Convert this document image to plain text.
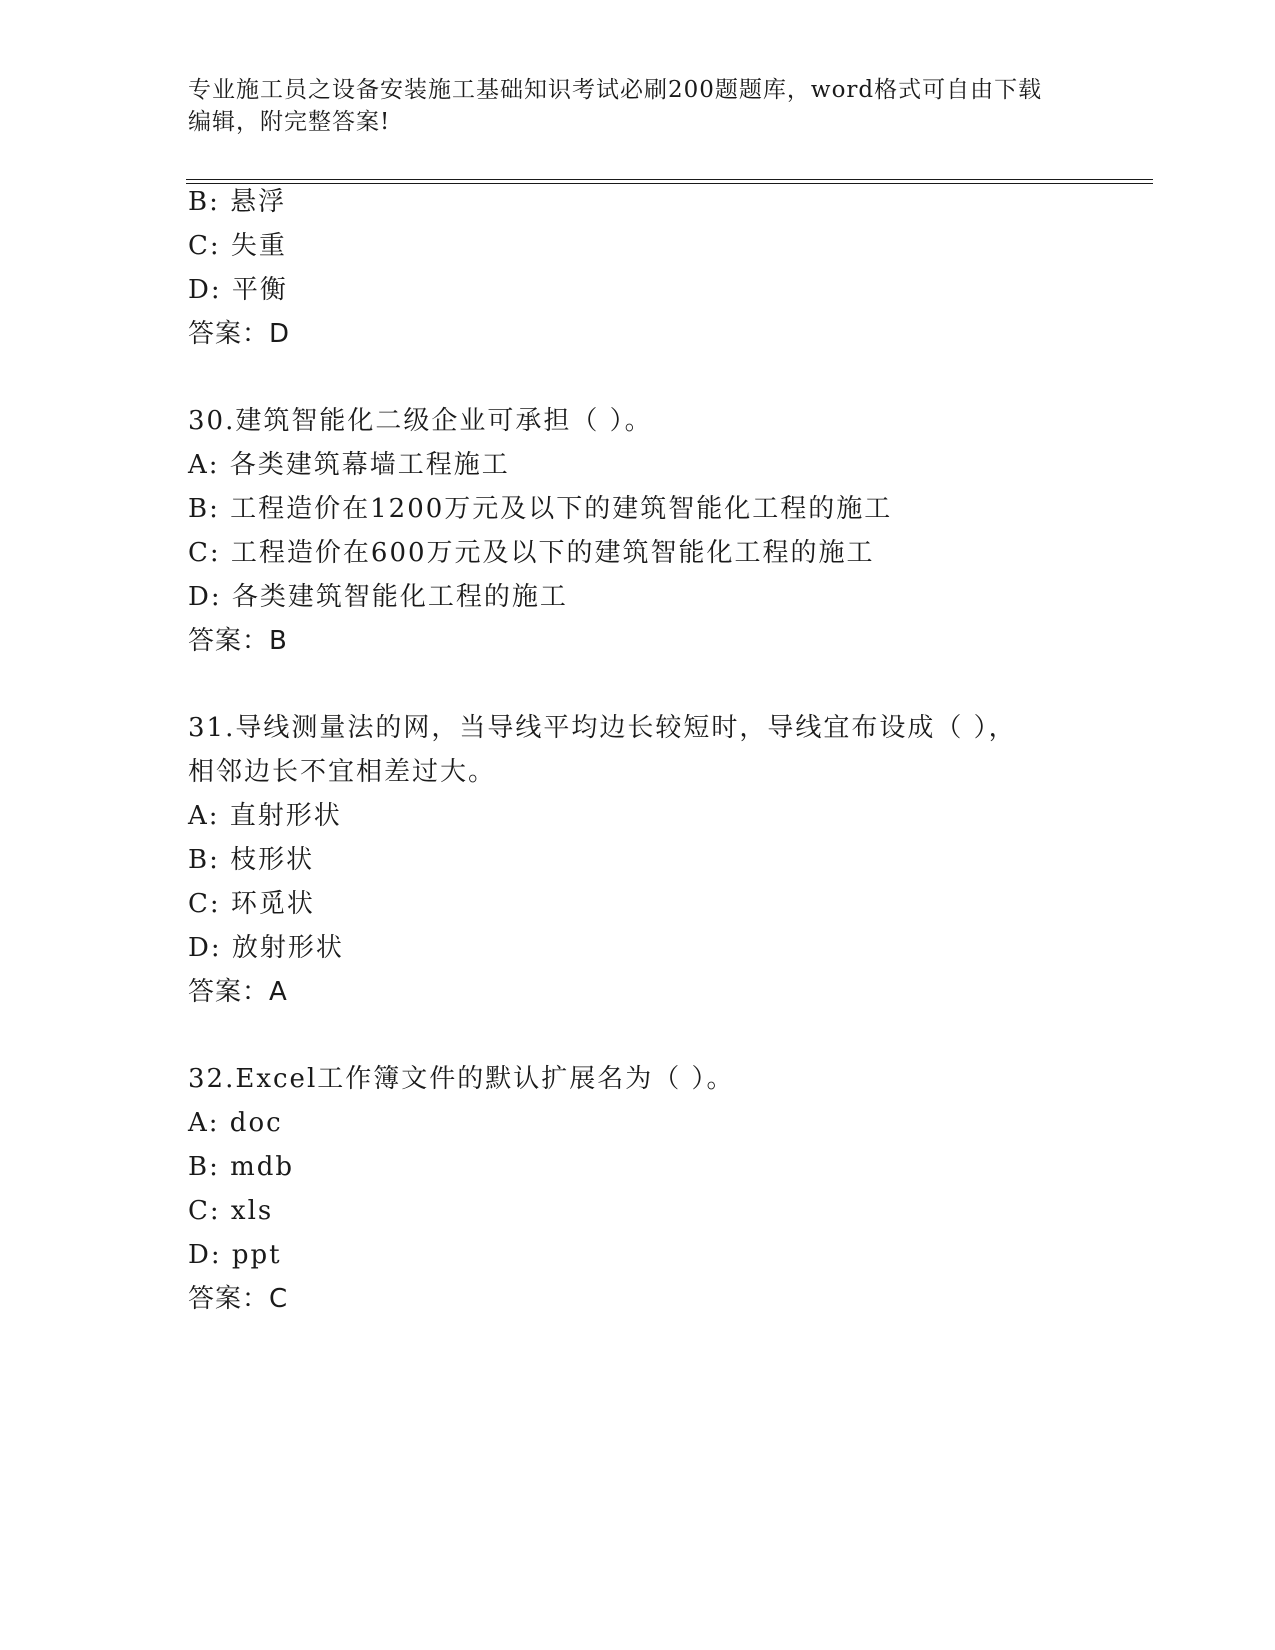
专业施工员之设备安装施工基础知识考试必刷200题题库，word格式可自由下载
编辑，附完整答案!
B: 悬浮
C: 失重
D: 平衡
答案：D
30.建筑智能化二级企业可承担（ ）。
A: 各类建筑幕墙工程施工
B: 工程造价在1200万元及以下的建筑智能化工程的施工
C: 工程造价在600万元及以下的建筑智能化工程的施工
D: 各类建筑智能化工程的施工
答案：B
31.导线测量法的网，当导线平均边长较短时，导线宜布设成（ ），
相邻边长不宜相差过大。
A: 直射形状
B: 枝形状
C: 环觅状
D: 放射形状
答案：A
32.Excel工作簿文件的默认扩展名为（ ）。
A: doc
B: mdb
C: xls
D: ppt
答案：C
